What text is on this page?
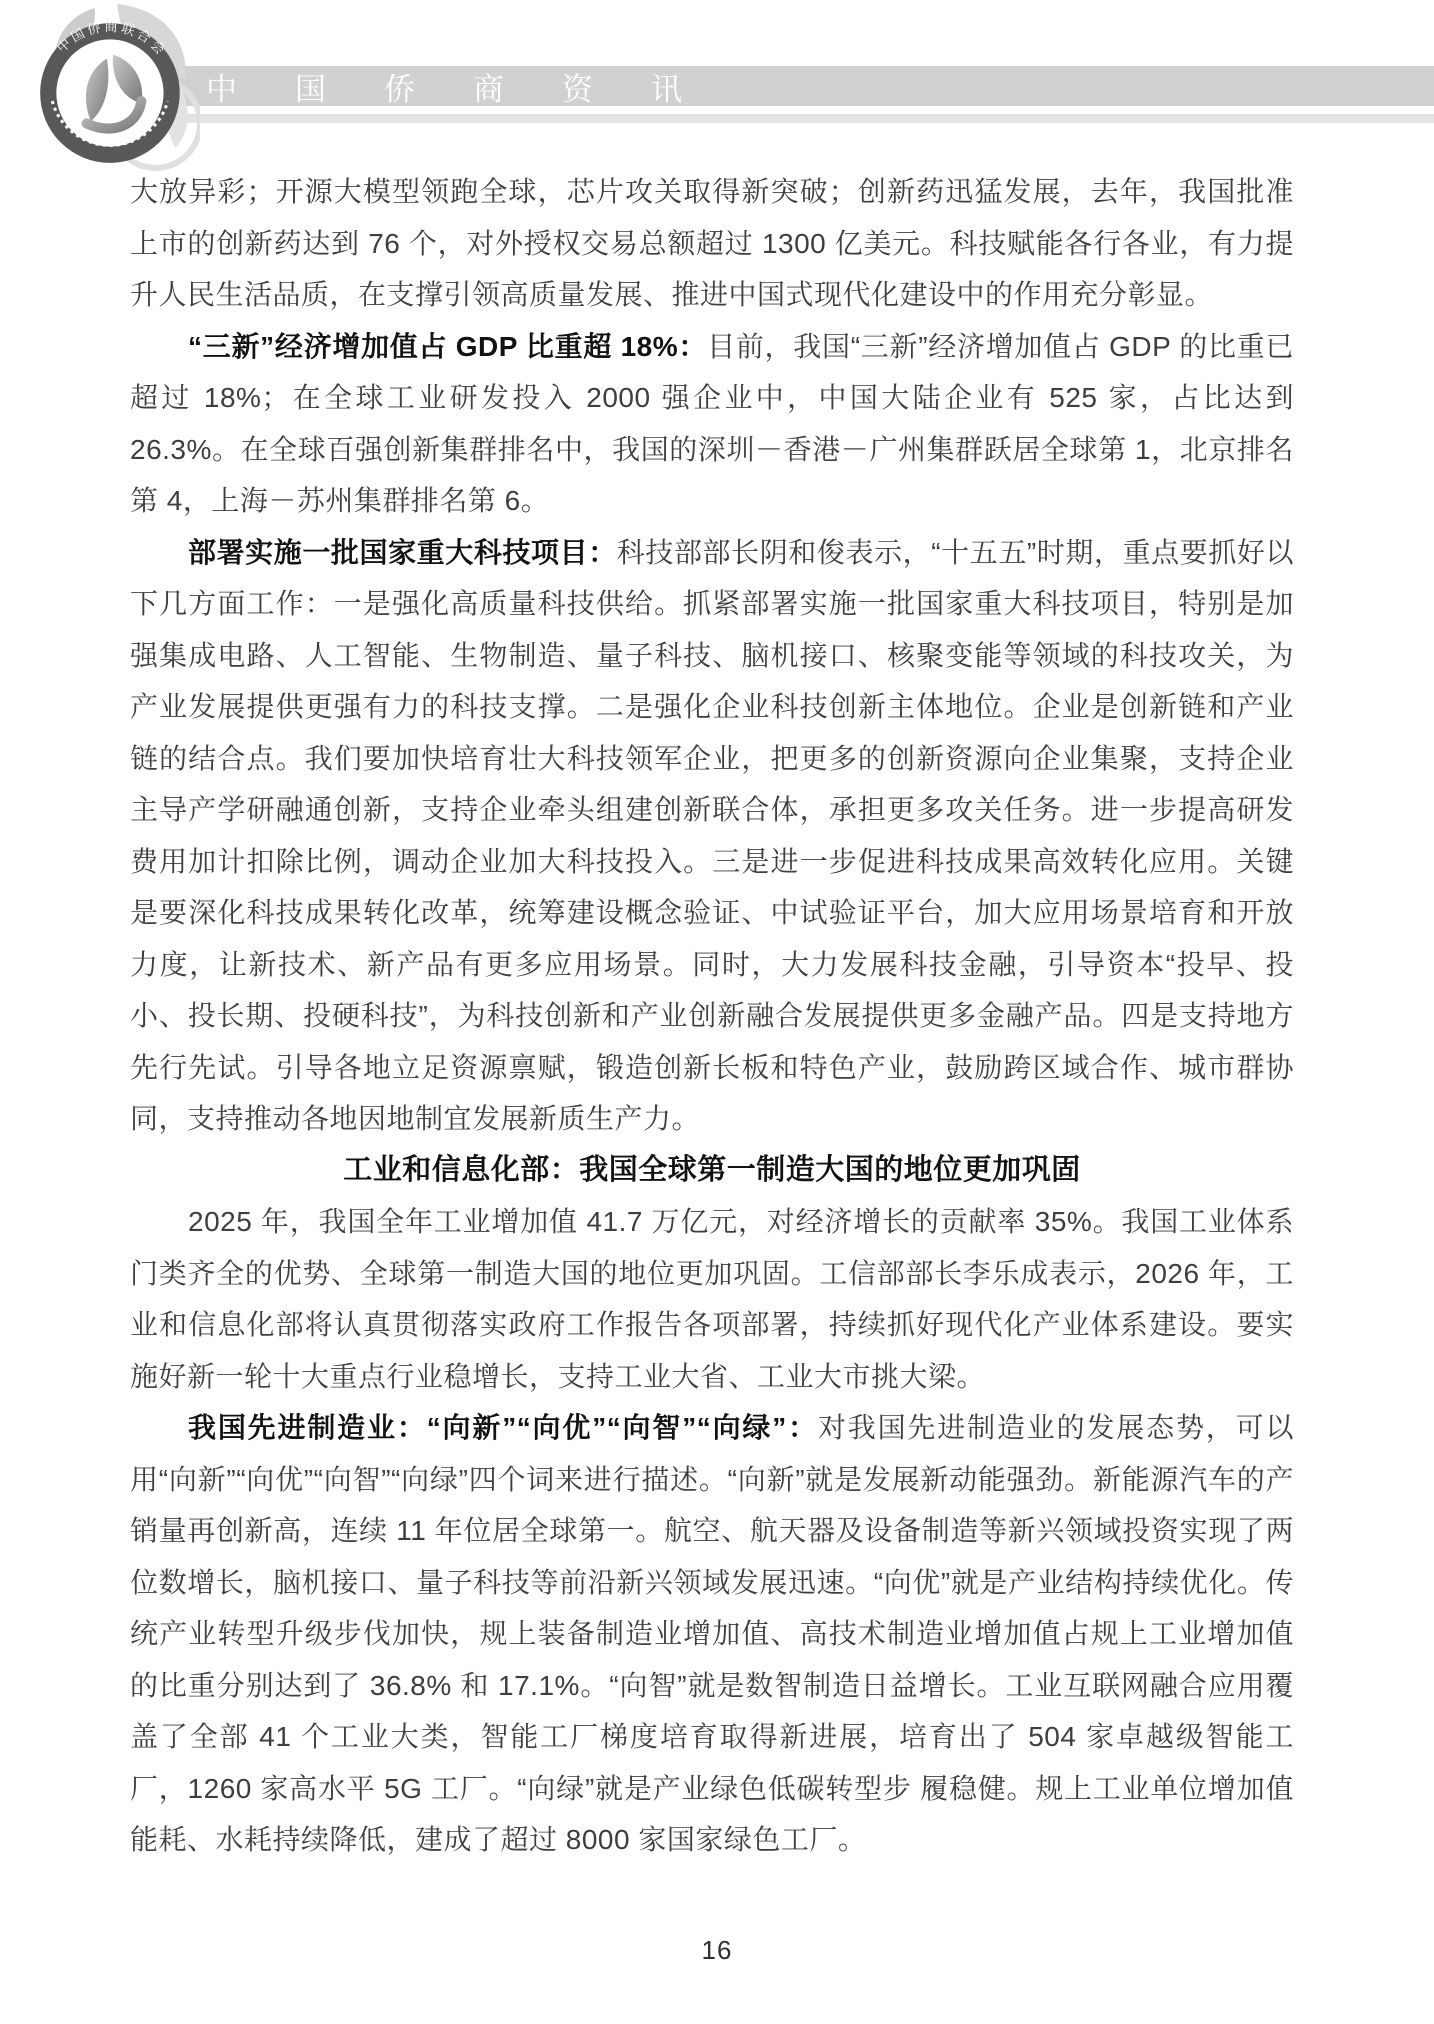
中国侨商资讯
中国侨商联合会

大放异彩；开源大模型领跑全球，芯片攻关取得新突破；创新药迅猛发展，去年，我国批准上市的创新药达到 76 个，对外授权交易总额超过 1300 亿美元。科技赋能各行各业，有力提升人民生活品质，在支撑引领高质量发展、推进中国式现代化建设中的作用充分彰显。

“三新”经济增加值占 GDP 比重超 18%：目前，我国“三新”经济增加值占 GDP 的比重已超过 18%；在全球工业研发投入 2000 强企业中，中国大陆企业有 525 家，占比达到 26.3%。在全球百强创新集群排名中，我国的深圳－香港－广州集群跃居全球第 1，北京排名第 4，上海－苏州集群排名第 6。

部署实施一批国家重大科技项目：科技部部长阴和俊表示，“十五五”时期，重点要抓好以下几方面工作：一是强化高质量科技供给。抓紧部署实施一批国家重大科技项目，特别是加强集成电路、人工智能、生物制造、量子科技、脑机接口、核聚变能等领域的科技攻关，为产业发展提供更强有力的科技支撑。二是强化企业科技创新主体地位。企业是创新链和产业链的结合点。我们要加快培育壮大科技领军企业，把更多的创新资源向企业集聚，支持企业主导产学研融通创新，支持企业牵头组建创新联合体，承担更多攻关任务。进一步提高研发费用加计扣除比例，调动企业加大科技投入。三是进一步促进科技成果高效转化应用。关键是要深化科技成果转化改革，统筹建设概念验证、中试验证平台，加大应用场景培育和开放力度，让新技术、新产品有更多应用场景。同时，大力发展科技金融，引导资本“投早、投小、投长期、投硬科技”，为科技创新和产业创新融合发展提供更多金融产品。四是支持地方先行先试。引导各地立足资源禀赋，锻造创新长板和特色产业，鼓励跨区域合作、城市群协同，支持推动各地因地制宜发展新质生产力。

工业和信息化部：我国全球第一制造大国的地位更加巩固

2025 年，我国全年工业增加值 41.7 万亿元，对经济增长的贡献率 35%。我国工业体系门类齐全的优势、全球第一制造大国的地位更加巩固。工信部部长李乐成表示，2026 年，工业和信息化部将认真贯彻落实政府工作报告各项部署，持续抓好现代化产业体系建设。要实施好新一轮十大重点行业稳增长，支持工业大省、工业大市挑大梁。

我国先进制造业：“向新”“向优”“向智”“向绿”：对我国先进制造业的发展态势，可以用“向新”“向优”“向智”“向绿”四个词来进行描述。“向新”就是发展新动能强劲。新能源汽车的产销量再创新高，连续 11 年位居全球第一。航空、航天器及设备制造等新兴领域投资实现了两位数增长，脑机接口、量子科技等前沿新兴领域发展迅速。“向优”就是产业结构持续优化。传统产业转型升级步伐加快，规上装备制造业增加值、高技术制造业增加值占规上工业增加值的比重分别达到了 36.8% 和 17.1%。“向智”就是数智制造日益增长。工业互联网融合应用覆盖了全部 41 个工业大类，智能工厂梯度培育取得新进展，培育出了 504 家卓越级智能工厂，1260 家高水平 5G 工厂。“向绿”就是产业绿色低碳转型步 履稳健。规上工业单位增加值能耗、水耗持续降低，建成了超过 8000 家国家绿色工厂。

16
